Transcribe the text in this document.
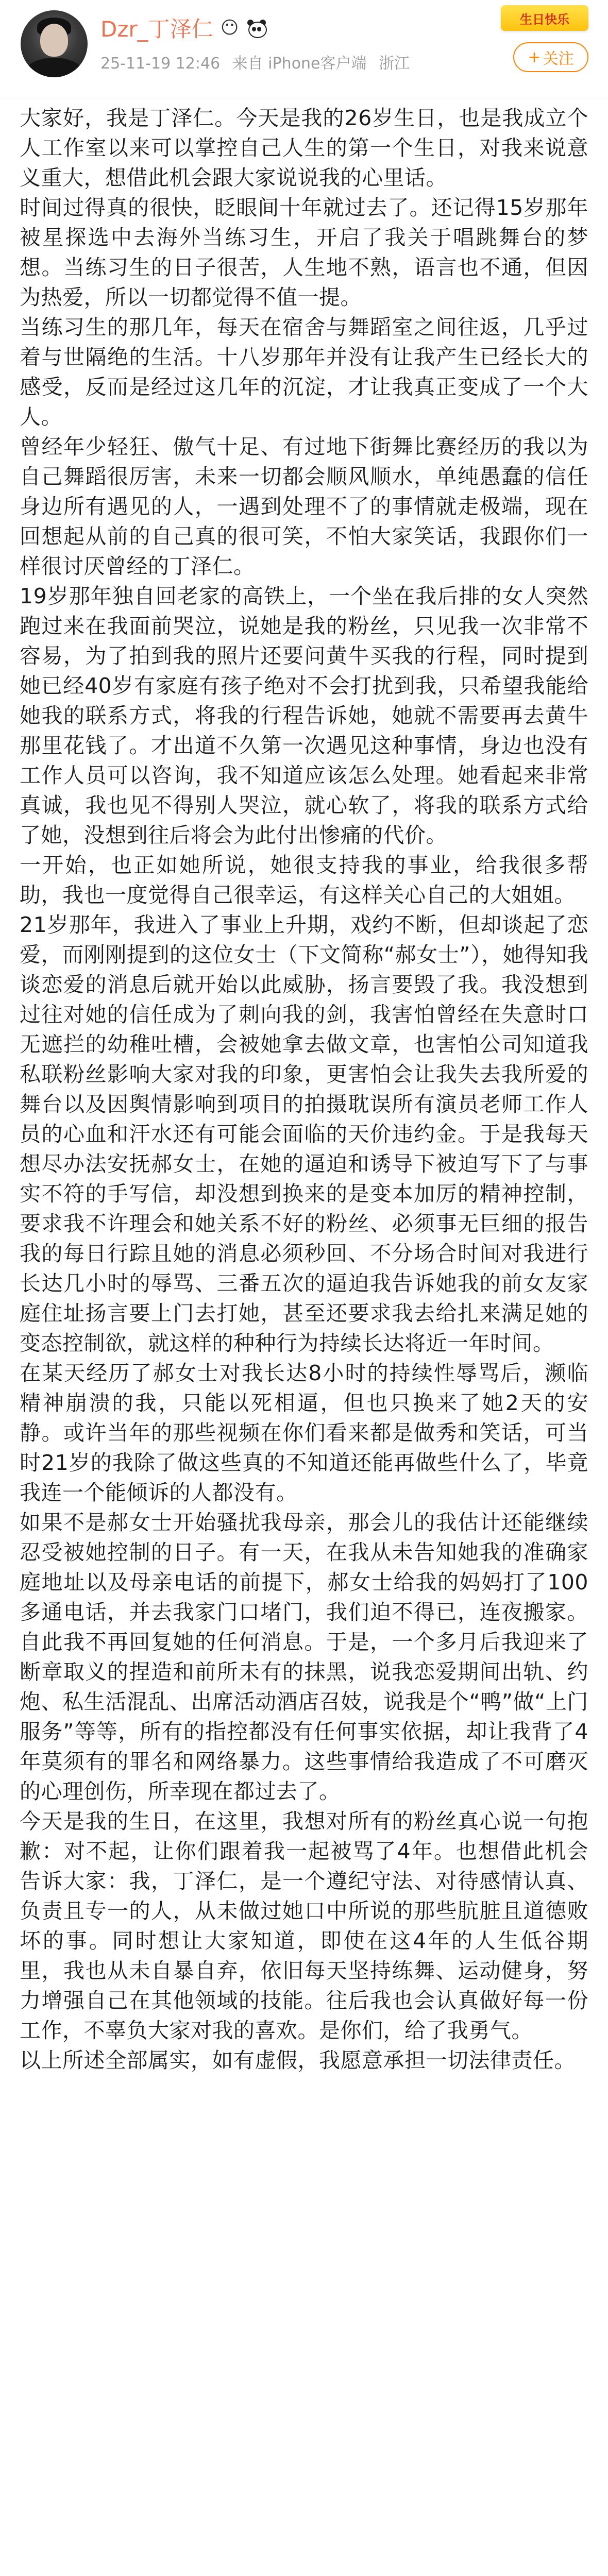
Dzr_丁泽仁 😶
25-11-19 12:46 来自 iPhone客户端 浙江
生日快乐
+ 关注

大家好，我是丁泽仁。今天是我的26岁生日，也是我成立个人工作室以来可以掌控自己人生的第一个生日，对我来说意义重大，想借此机会跟大家说说我的心里话。

时间过得真的很快，眨眼间十年就过去了。还记得15岁那年被星探选中去海外当练习生，开启了我关于唱跳舞台的梦想。当练习生的日子很苦，人生地不熟，语言也不通，但因为热爱，所以一切都觉得不值一提。

当练习生的那几年，每天在宿舍与舞蹈室之间往返，几乎过着与世隔绝的生活。十八岁那年并没有让我产生已经长大的感受，反而是经过这几年的沉淀，才让我真正变成了一个大人。

曾经年少轻狂、傲气十足、有过地下街舞比赛经历的我以为自己舞蹈很厉害，未来一切都会顺风顺水，单纯愚蠢的信任身边所有遇见的人，一遇到处理不了的事情就走极端，现在回想起从前的自己真的很可笑，不怕大家笑话，我跟你们一样很讨厌曾经的丁泽仁。

19岁那年独自回老家的高铁上，一个坐在我后排的女人突然跑过来在我面前哭泣，说她是我的粉丝，只见我一次非常不容易，为了拍到我的照片还要问黄牛买我的行程，同时提到她已经40岁有家庭有孩子绝对不会打扰到我，只希望我能给她我的联系方式，将我的行程告诉她，她就不需要再去黄牛那里花钱了。才出道不久第一次遇见这种事情，身边也没有工作人员可以咨询，我不知道应该怎么处理。她看起来非常真诚，我也见不得别人哭泣，就心软了，将我的联系方式给了她，没想到往后将会为此付出惨痛的代价。

一开始，也正如她所说，她很支持我的事业，给我很多帮助，我也一度觉得自己很幸运，有这样关心自己的大姐姐。

21岁那年，我进入了事业上升期，戏约不断，但却谈起了恋爱，而刚刚提到的这位女士（下文简称“郝女士”），她得知我谈恋爱的消息后就开始以此威胁，扬言要毁了我。我没想到过往对她的信任成为了刺向我的剑，我害怕曾经在失意时口无遮拦的幼稚吐槽，会被她拿去做文章，也害怕公司知道我私联粉丝影响大家对我的印象，更害怕会让我失去我所爱的舞台以及因舆情影响到项目的拍摄耽误所有演员老师工作人员的心血和汗水还有可能会面临的天价违约金。于是我每天想尽办法安抚郝女士，在她的逼迫和诱导下被迫写下了与事实不符的手写信，却没想到换来的是变本加厉的精神控制，要求我不许理会和她关系不好的粉丝、必须事无巨细的报告我的每日行踪且她的消息必须秒回、不分场合时间对我进行长达几小时的辱骂、三番五次的逼迫我告诉她我的前女友家庭住址扬言要上门去打她，甚至还要求我去给扎来满足她的变态控制欲，就这样的种种行为持续长达将近一年时间。

在某天经历了郝女士对我长达8小时的持续性辱骂后，濒临精神崩溃的我，只能以死相逼，但也只换来了她2天的安静。或许当年的那些视频在你们看来都是做秀和笑话，可当时21岁的我除了做这些真的不知道还能再做些什么了，毕竟我连一个能倾诉的人都没有。

如果不是郝女士开始骚扰我母亲，那会儿的我估计还能继续忍受被她控制的日子。有一天，在我从未告知她我的准确家庭地址以及母亲电话的前提下，郝女士给我的妈妈打了100多通电话，并去我家门口堵门，我们迫不得已，连夜搬家。自此我不再回复她的任何消息。于是，一个多月后我迎来了断章取义的捏造和前所未有的抹黑，说我恋爱期间出轨、约炮、私生活混乱、出席活动酒店召妓，说我是个“鸭”做“上门服务”等等，所有的指控都没有任何事实依据，却让我背了4年莫须有的罪名和网络暴力。这些事情给我造成了不可磨灭的心理创伤，所幸现在都过去了。

今天是我的生日，在这里，我想对所有的粉丝真心说一句抱歉：对不起，让你们跟着我一起被骂了4年。也想借此机会告诉大家：我，丁泽仁，是一个遵纪守法、对待感情认真、负责且专一的人，从未做过她口中所说的那些肮脏且道德败坏的事。同时想让大家知道，即使在这4年的人生低谷期里，我也从未自暴自弃，依旧每天坚持练舞、运动健身，努力增强自己在其他领域的技能。往后我也会认真做好每一份工作，不辜负大家对我的喜欢。是你们，给了我勇气。

以上所述全部属实，如有虚假，我愿意承担一切法律责任。
